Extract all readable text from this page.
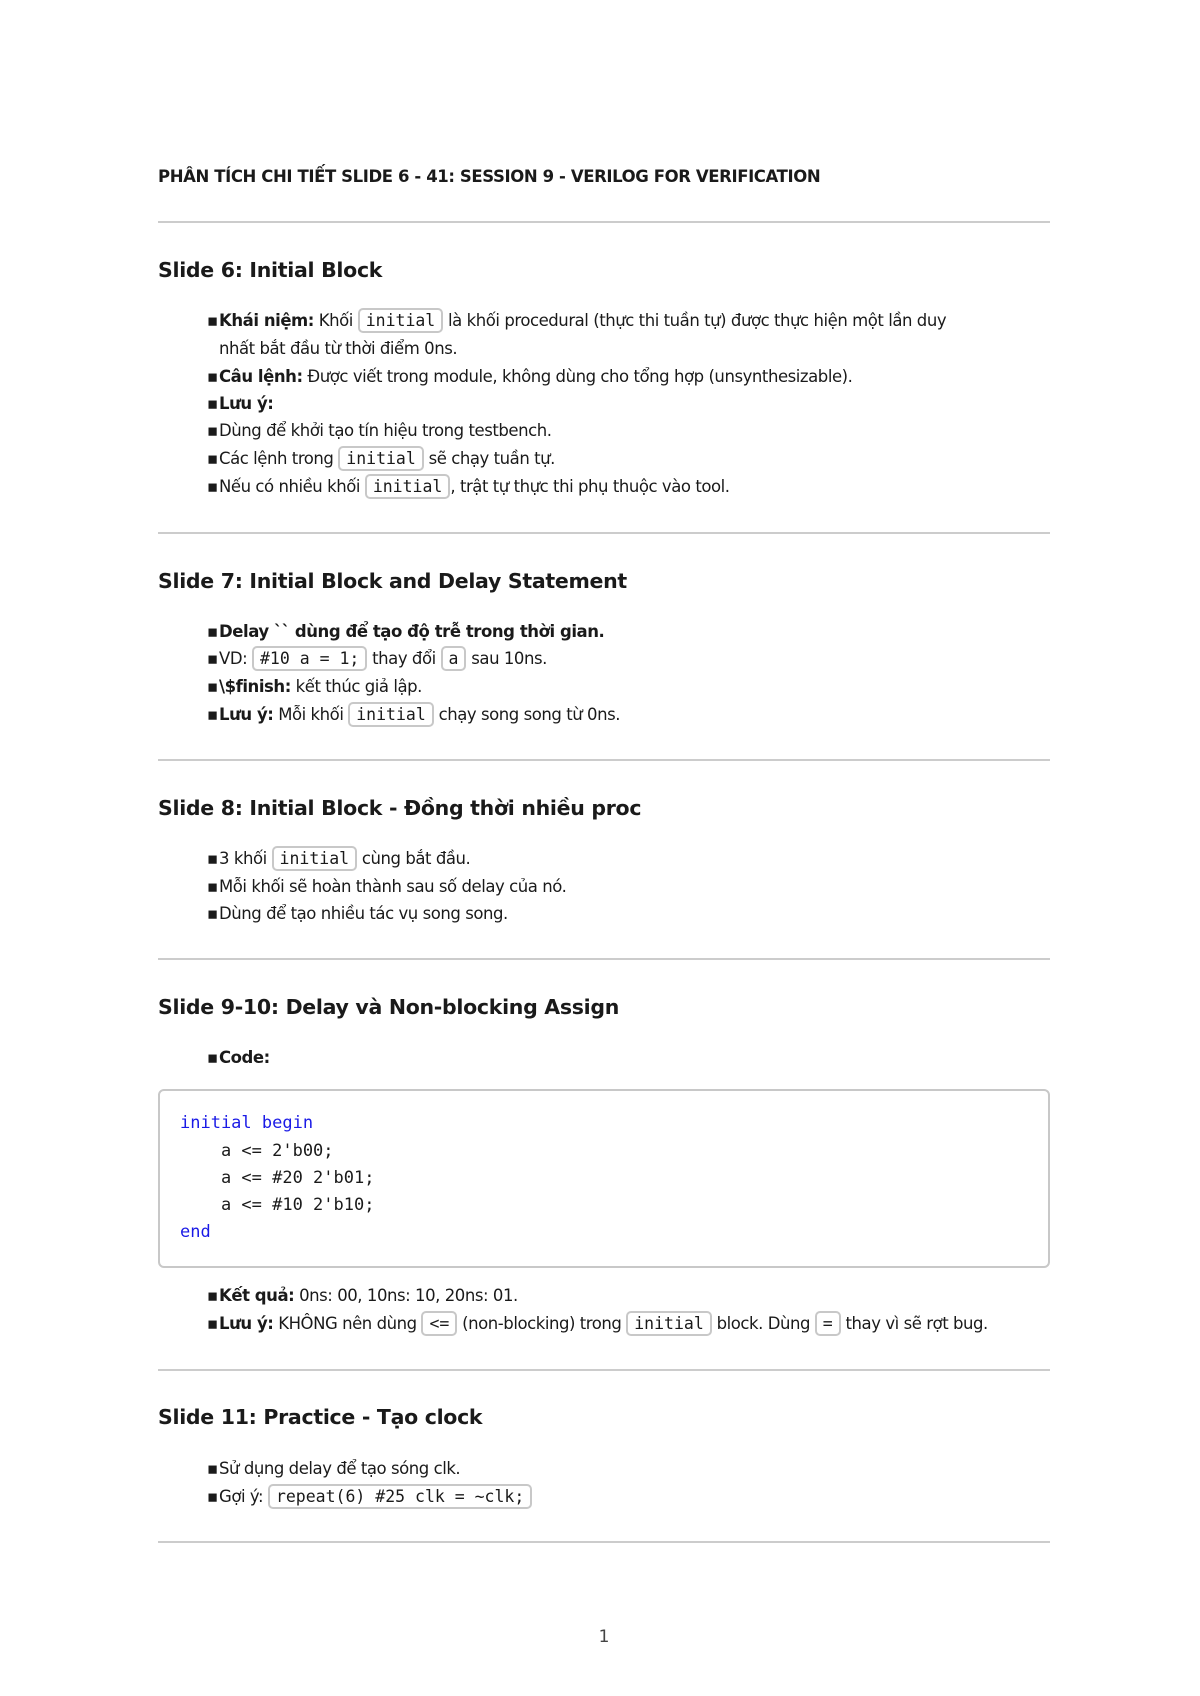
PHÂN TÍCH CHI TIẾT SLIDE 6 - 41: SESSION 9 - VERILOG FOR VERIFICATION
Slide 6: Initial Block

▪Khái niệm: Khối initial là khối procedural (thực thi tuần tự) được thực hiện một lần duy

nhất bắt đầu từ thời điểm 0ns.

▪Câu lệnh: Được viết trong module, không dùng cho tổng hợp (unsynthesizable).

▪Lưu ý:

▪Dùng để khởi tạo tín hiệu trong testbench.

▪Các lệnh trong initial sẽ chạy tuần tự.

▪Nếu có nhiều khối initial , trật tự thực thi phụ thuộc vào tool.

Slide 7: Initial Block and Delay Statement

▪Delay `` dùng để tạo độ trễ trong thời gian.

▪VD: #10 a = 1; thay đổi a sau 10ns.

▪\$finish: kết thúc giả lập.

▪Lưu ý: Mỗi khối initial chạy song song từ 0ns.

Slide 8: Initial Block - Đồng thời nhiều proc

▪3 khối initial cùng bắt đầu.

▪Mỗi khối sẽ hoàn thành sau số delay của nó.

▪Dùng để tạo nhiều tác vụ song song.

Slide 9-10: Delay và Non-blocking Assign

▪Code:

initial begin

a <= 2'b00;

a <= #20 2'b01;

a <= #10 2'b10;

end

▪Kết quả: 0ns: 00, 10ns: 10, 20ns: 01.

▪Lưu ý: KHÔNG nên dùng <= (non-blocking) trong initial block. Dùng = thay vì sẽ rợt bug.

Slide 11: Practice - Tạo clock

▪Sử dụng delay để tạo sóng clk.

▪Gợi ý: repeat(6) #25 clk = ~clk;

1
